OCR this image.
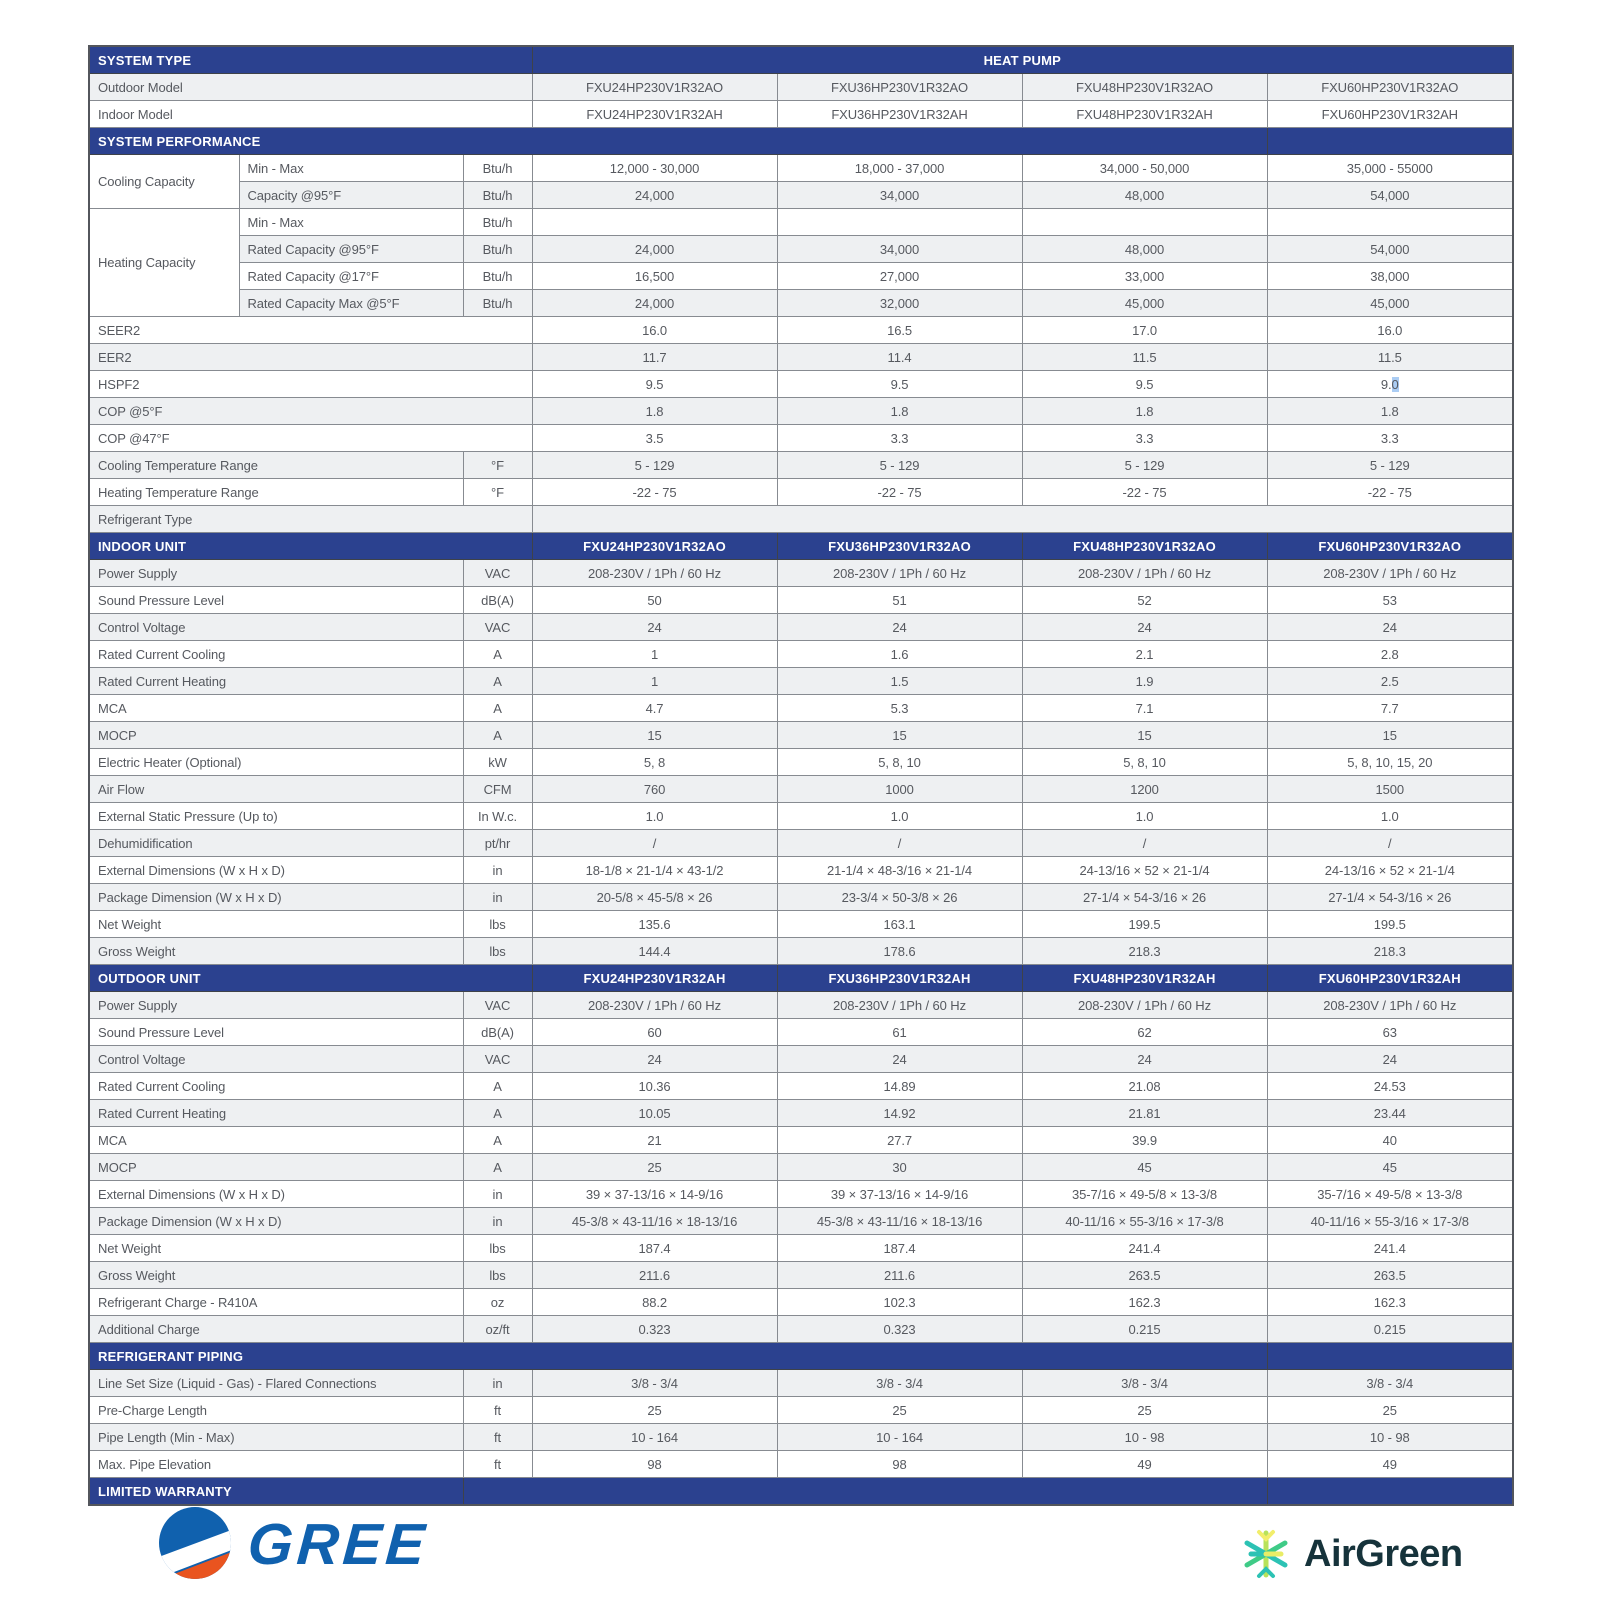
SYSTEM TYPE			HEAT PUMP			
Outdoor Model			FXU24HP230V1R32AO	FXU36HP230V1R32AO	FXU48HP230V1R32AO	FXU60HP230V1R32AO
Indoor Model			FXU24HP230V1R32AH	FXU36HP230V1R32AH	FXU48HP230V1R32AH	FXU60HP230V1R32AH
SYSTEM PERFORMANCE						
Cooling Capacity	Min - Max	Btu/h	12,000 - 30,000	18,000 - 37,000	34,000 - 50,000	35,000 - 55000
	Capacity @95°F	Btu/h	24,000	34,000	48,000	54,000
Heating Capacity	Min - Max	Btu/h				
	Rated Capacity @95°F	Btu/h	24,000	34,000	48,000	54,000
	Rated Capacity @17°F	Btu/h	16,500	27,000	33,000	38,000
	Rated Capacity Max @5°F	Btu/h	24,000	32,000	45,000	45,000
SEER2			16.0	16.5	17.0	16.0
EER2			11.7	11.4	11.5	11.5
HSPF2			9.5	9.5	9.5	9.0
COP @5°F			1.8	1.8	1.8	1.8
COP @47°F			3.5	3.3	3.3	3.3
Cooling Temperature Range		°F	5 - 129	5 - 129	5 - 129	5 - 129
Heating Temperature Range		°F	-22 - 75	-22 - 75	-22 - 75	-22 - 75
Refrigerant Type						
INDOOR UNIT			FXU24HP230V1R32AO	FXU36HP230V1R32AO	FXU48HP230V1R32AO	FXU60HP230V1R32AO
Power Supply		VAC	208-230V / 1Ph / 60 Hz	208-230V / 1Ph / 60 Hz	208-230V / 1Ph / 60 Hz	208-230V / 1Ph / 60 Hz
Sound Pressure Level		dB(A)	50	51	52	53
Control Voltage		VAC	24	24	24	24
Rated Current Cooling		A	1	1.6	2.1	2.8
Rated Current Heating		A	1	1.5	1.9	2.5
MCA		A	4.7	5.3	7.1	7.7
MOCP		A	15	15	15	15
Electric Heater (Optional)		kW	5, 8	5, 8, 10	5, 8, 10	5, 8, 10, 15, 20
Air Flow		CFM	760	1000	1200	1500
External Static Pressure (Up to)		In W.c.	1.0	1.0	1.0	1.0
Dehumidification		pt/hr	/	/	/	/
External Dimensions (W x H x D)		in	18-1/8 × 21-1/4 × 43-1/2	21-1/4 × 48-3/16 × 21-1/4	24-13/16 × 52 × 21-1/4	24-13/16 × 52 × 21-1/4
Package Dimension (W x H x D)		in	20-5/8 × 45-5/8 × 26	23-3/4 × 50-3/8 × 26	27-1/4 × 54-3/16 × 26	27-1/4 × 54-3/16 × 26
Net Weight		lbs	135.6	163.1	199.5	199.5
Gross Weight		lbs	144.4	178.6	218.3	218.3
OUTDOOR UNIT			FXU24HP230V1R32AH	FXU36HP230V1R32AH	FXU48HP230V1R32AH	FXU60HP230V1R32AH
Power Supply		VAC	208-230V / 1Ph / 60 Hz	208-230V / 1Ph / 60 Hz	208-230V / 1Ph / 60 Hz	208-230V / 1Ph / 60 Hz
Sound Pressure Level		dB(A)	60	61	62	63
Control Voltage		VAC	24	24	24	24
Rated Current Cooling		A	10.36	14.89	21.08	24.53
Rated Current Heating		A	10.05	14.92	21.81	23.44
MCA		A	21	27.7	39.9	40
MOCP		A	25	30	45	45
External Dimensions (W x H x D)		in	39 × 37-13/16 × 14-9/16	39 × 37-13/16 × 14-9/16	35-7/16 × 49-5/8 × 13-3/8	35-7/16 × 49-5/8 × 13-3/8
Package Dimension (W x H x D)		in	45-3/8 × 43-11/16 × 18-13/16	45-3/8 × 43-11/16 × 18-13/16	40-11/16 × 55-3/16 × 17-3/8	40-11/16 × 55-3/16 × 17-3/8
Net Weight		lbs	187.4	187.4	241.4	241.4
Gross Weight		lbs	211.6	211.6	263.5	263.5
Refrigerant Charge - R410A		oz	88.2	102.3	162.3	162.3
Additional Charge		oz/ft	0.323	0.323	0.215	0.215
REFRIGERANT PIPING						
Line Set Size (Liquid - Gas) - Flared Connections		in	3/8 - 3/4	3/8 - 3/4	3/8 - 3/4	3/8 - 3/4
Pre-Charge Length		ft	25	25	25	25
Pipe Length (Min - Max)		ft	10 - 164	10 - 164	10 - 98	10 - 98
Max. Pipe Elevation		ft	98	98	49	49
LIMITED WARRANTY						
GREE	AirGreen
